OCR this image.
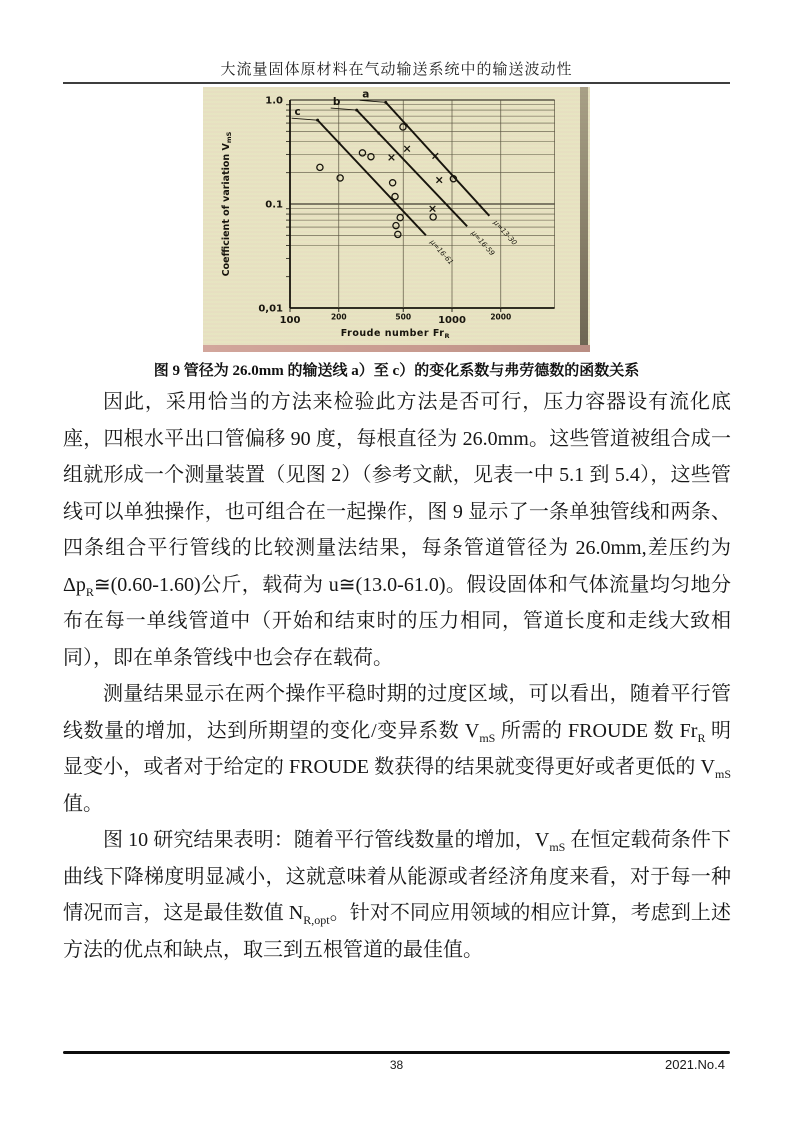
大流量固体原材料在气动输送系统中的输送波动性
1.0
0.1
0,01
100	200	500	1000	2000
Froude number $Fr_R$
Coefficient of variation $V_{mS}$
a
μ=13-30
b
μ=16-59
c
μ=16-61
图 9 管径为 26.0mm 的输送线 a）至 c）的变化系数与弗劳德数的函数关系

因此，采用恰当的方法来检验此方法是否可行，压力容器设有流化底座，四根水平出口管偏移 90 度，每根直径为 26.0mm。这些管道被组合成一组就形成一个测量装置（见图 2）（参考文献，见表一中 5.1 到 5.4），这些管线可以单独操作，也可组合在一起操作，图 9 显示了一条单独管线和两条、四条组合平行管线的比较测量法结果，每条管道管径为 26.0mm,差压约为$\Delta p_R≅(0.60-1.60)$公斤，载荷为 u≅(13.0-61.0)。假设固体和气体流量均匀地分布在每一单线管道中（开始和结束时的压力相同，管道长度和走线大致相同），即在单条管线中也会存在载荷。

测量结果显示在两个操作平稳时期的过度区域，可以看出，随着平行管线数量的增加，达到所期望的变化/变异系数 $V_{mS}$ 所需的 FROUDE 数 $Fr_R$ 明显变小，或者对于给定的 FROUDE 数获得的结果就变得更好或者更低的 $V_{mS}$ 值。

图 10 研究结果表明：随着平行管线数量的增加，$V_{mS}$ 在恒定载荷条件下曲线下降梯度明显减小，这就意味着从能源或者经济角度来看，对于每一种情况而言，这是最佳数值 $N_{R,opt}$。针对不同应用领域的相应计算，考虑到上述方法的优点和缺点，取三到五根管道的最佳值。

38	2021.No.4
